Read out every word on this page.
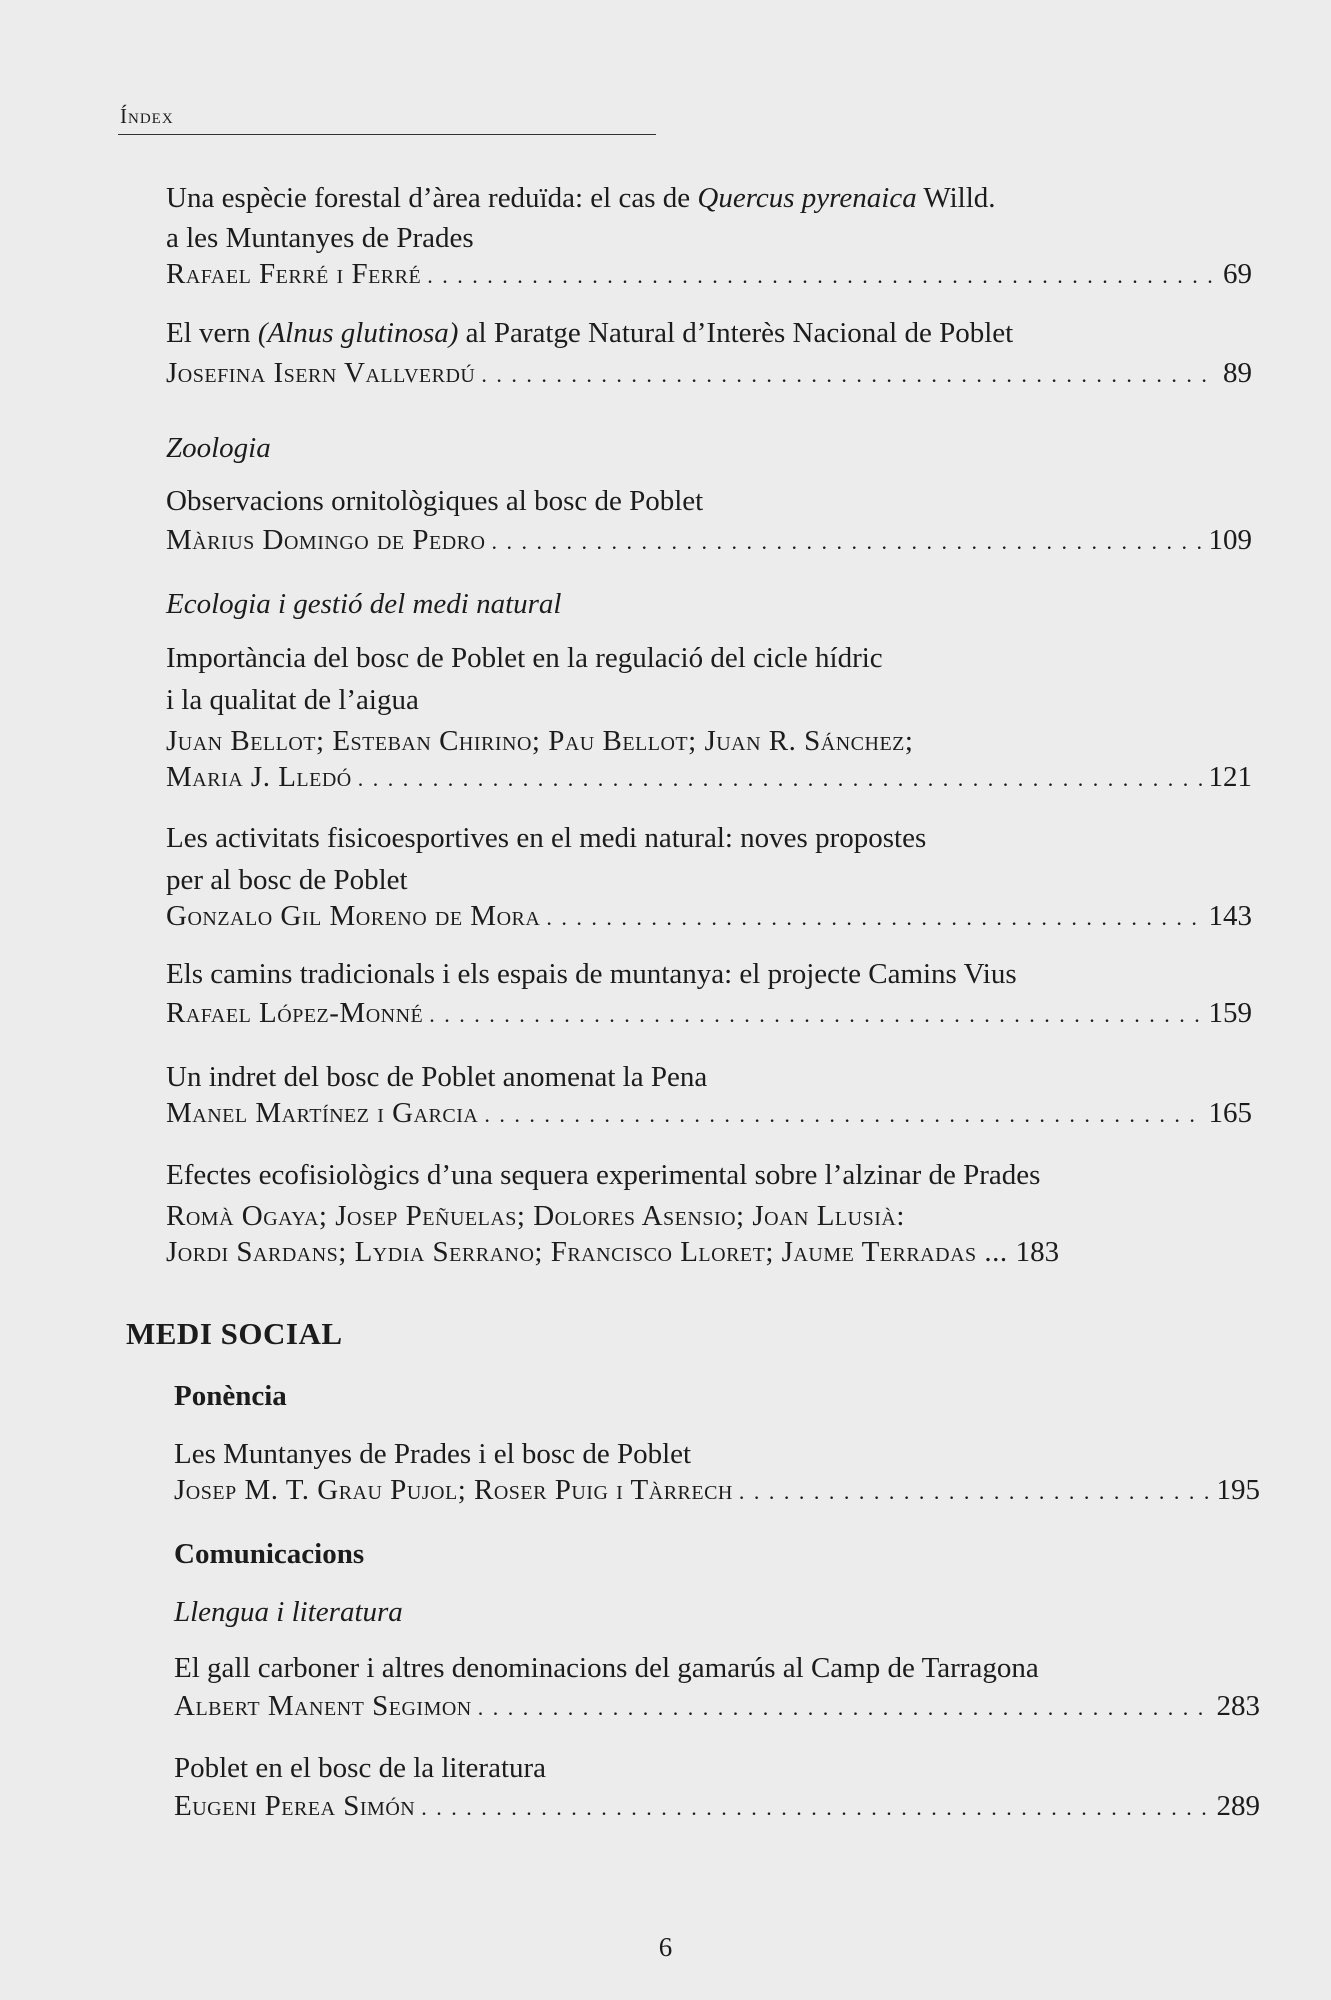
Índex
Una espècie forestal d’àrea reduïda: el cas de Quercus pyrenaica Willd.
a les Muntanyes de Prades
Rafael Ferré i Ferré . . .	69
El vern (Alnus glutinosa) al Paratge Natural d’Interès Nacional de Poblet
Josefina Isern Vallverdú . . .	89
Zoologia
Observacions ornitològiques al bosc de Poblet
Màrius Domingo de Pedro . . .	109
Ecologia i gestió del medi natural
Importància del bosc de Poblet en la regulació del cicle hídric
i la qualitat de l’aigua
Juan Bellot; Esteban Chirino; Pau Bellot; Juan R. Sánchez;
Maria J. Lledó . . .	121
Les activitats fisicoesportives en el medi natural: noves propostes
per al bosc de Poblet
Gonzalo Gil Moreno de Mora . . .	143
Els camins tradicionals i els espais de muntanya: el projecte Camins Vius
Rafael López-Monné . . .	159
Un indret del bosc de Poblet anomenat la Pena
Manel Martínez i Garcia . . .	165
Efectes ecofisiològics d’una sequera experimental sobre l’alzinar de Prades
Romà Ogaya; Josep Peñuelas; Dolores Asensio; Joan Llusià:
Jordi Sardans; Lydia Serrano; Francisco Lloret; Jaume Terradas ... 183
MEDI SOCIAL
Ponència
Les Muntanyes de Prades i el bosc de Poblet
Josep M. T. Grau Pujol; Roser Puig i Tàrrech . . .	195
Comunicacions
Llengua i literatura
El gall carboner i altres denominacions del gamarús al Camp de Tarragona
Albert Manent Segimon . . .	283
Poblet en el bosc de la literatura
Eugeni Perea Simón . . .	289
6
